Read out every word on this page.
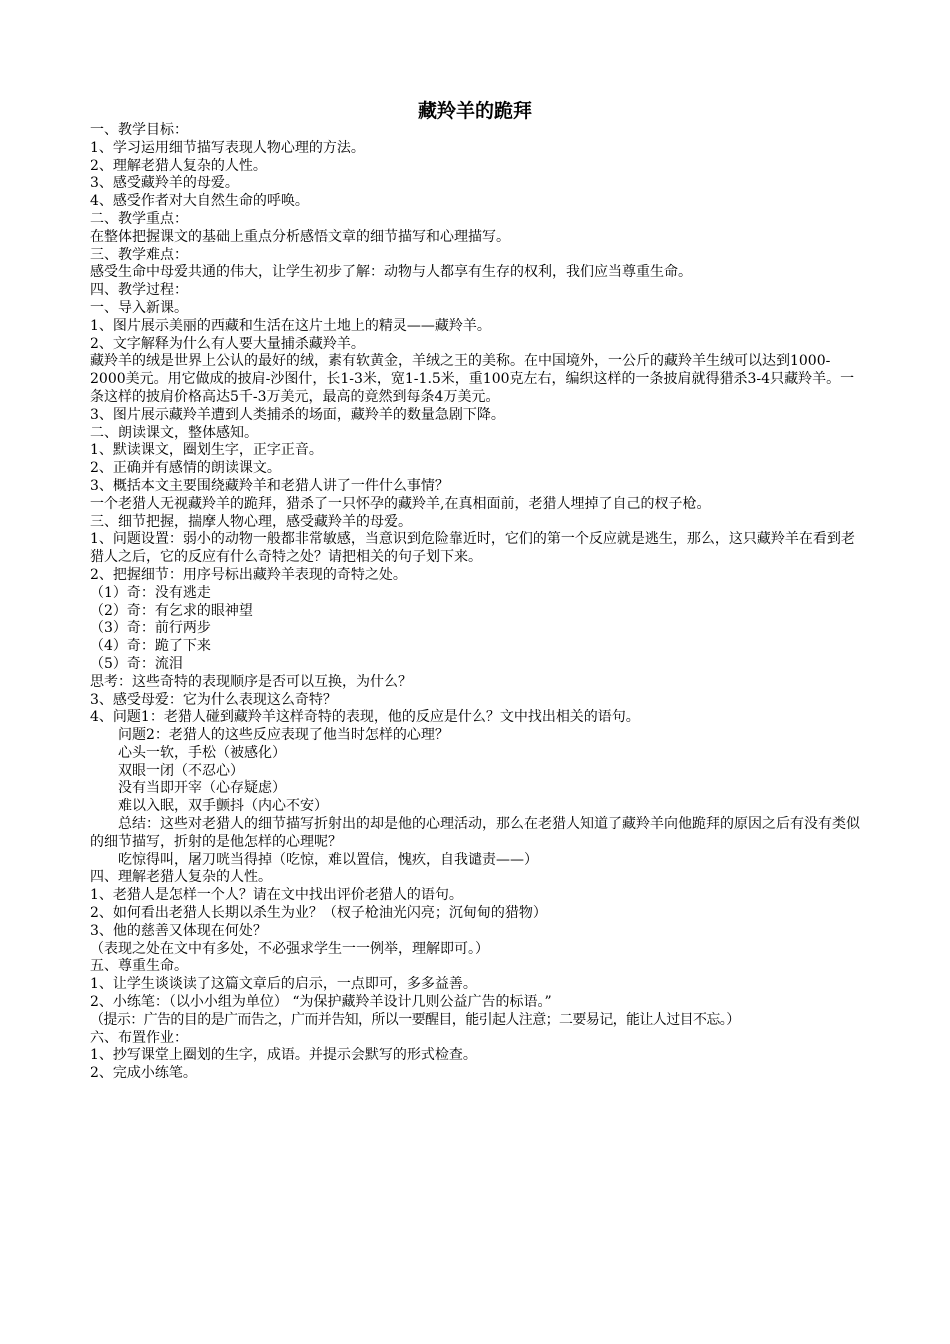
藏羚羊的跪拜
一、教学目标：
1、学习运用细节描写表现人物心理的方法。
2、理解老猎人复杂的人性。
3、感受藏羚羊的母爱。
4、感受作者对大自然生命的呼唤。
二、教学重点：
在整体把握课文的基础上重点分析感悟文章的细节描写和心理描写。
三、教学难点：
感受生命中母爱共通的伟大，让学生初步了解：动物与人都享有生存的权利，我们应当尊重生命。
四、教学过程：
一、导入新课。
1、图片展示美丽的西藏和生活在这片土地上的精灵——藏羚羊。
2、文字解释为什么有人要大量捕杀藏羚羊。
藏羚羊的绒是世界上公认的最好的绒，素有软黄金，羊绒之王的美称。在中国境外，一公斤的藏羚羊生绒可以达到1000-2000美元。用它做成的披肩-沙图什，长1-3米，宽1-1.5米，重100克左右，编织这样的一条披肩就得猎杀3-4只藏羚羊。一条这样的披肩价格高达5千-3万美元，最高的竟然到每条4万美元。
3、图片展示藏羚羊遭到人类捕杀的场面，藏羚羊的数量急剧下降。
二、朗读课文，整体感知。
1、默读课文，圈划生字，正字正音。
2、正确并有感情的朗读课文。
3、概括本文主要围绕藏羚羊和老猎人讲了一件什么事情？
一个老猎人无视藏羚羊的跪拜，猎杀了一只怀孕的藏羚羊,在真相面前，老猎人埋掉了自己的杈子枪。
三、细节把握，揣摩人物心理，感受藏羚羊的母爱。
1、问题设置：弱小的动物一般都非常敏感，当意识到危险靠近时，它们的第一个反应就是逃生，那么，这只藏羚羊在看到老猎人之后，它的反应有什么奇特之处？请把相关的句子划下来。
2、把握细节：用序号标出藏羚羊表现的奇特之处。
（1）奇：没有逃走
（2）奇：有乞求的眼神望
（3）奇：前行两步
（4）奇：跪了下来
（5）奇：流泪
思考：这些奇特的表现顺序是否可以互换，为什么？
3、感受母爱：它为什么表现这么奇特？
4、问题1：老猎人碰到藏羚羊这样奇特的表现，他的反应是什么？文中找出相关的语句。
问题2：老猎人的这些反应表现了他当时怎样的心理？
心头一软，手松（被感化）
双眼一闭（不忍心）
没有当即开宰（心存疑虑）
难以入眠，双手颤抖（内心不安）
总结：这些对老猎人的细节描写折射出的却是他的心理活动，那么在老猎人知道了藏羚羊向他跪拜的原因之后有没有类似的细节描写，折射的是他怎样的心理呢？
吃惊得叫，屠刀咣当得掉（吃惊，难以置信，愧疚，自我谴责——）
四、理解老猎人复杂的人性。
1、老猎人是怎样一个人？请在文中找出评价老猎人的语句。
2、如何看出老猎人长期以杀生为业？（杈子枪油光闪亮；沉甸甸的猎物）
3、他的慈善又体现在何处？
（表现之处在文中有多处，不必强求学生一一例举，理解即可。）
五、尊重生命。
1、让学生谈谈读了这篇文章后的启示，一点即可，多多益善。
2、小练笔：（以小小组为单位） “为保护藏羚羊设计几则公益广告的标语。”
（提示：广告的目的是广而告之，广而并告知，所以一要醒目，能引起人注意；二要易记，能让人过目不忘。）
六、布置作业：
1、抄写课堂上圈划的生字，成语。并提示会默写的形式检查。
2、完成小练笔。
